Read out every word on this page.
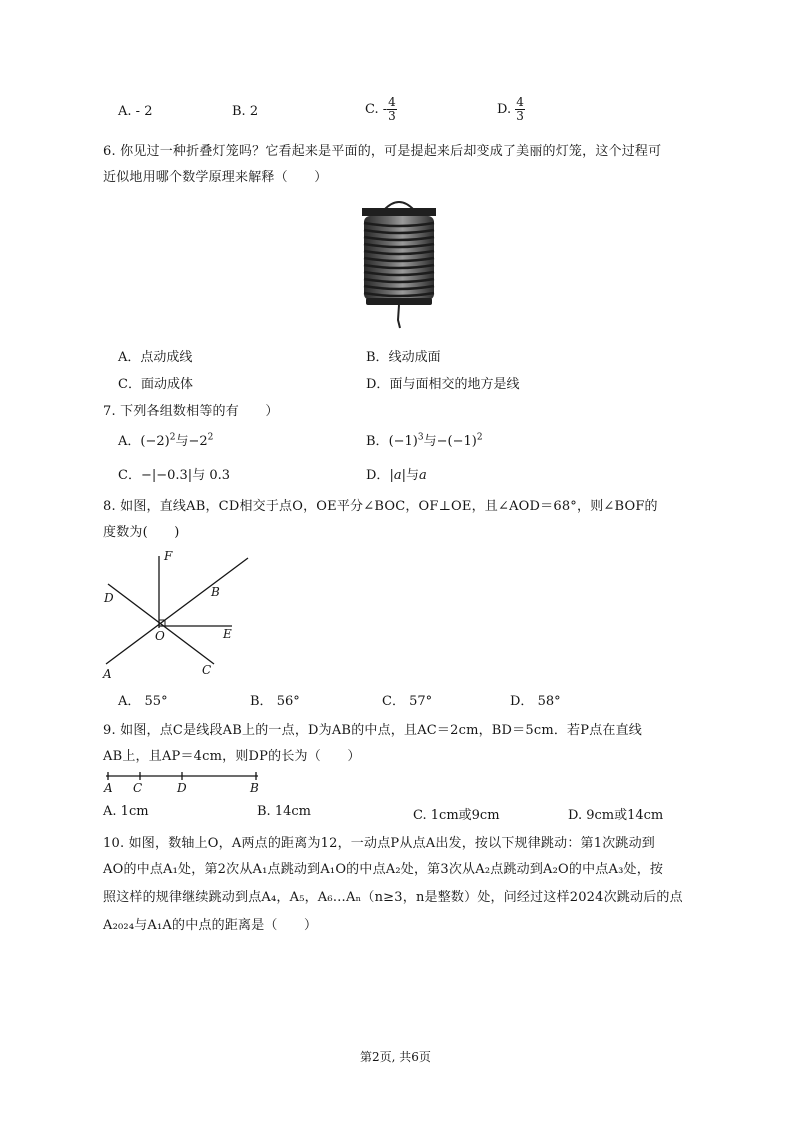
A. - 2	B. 2	C. - $\frac{4}{3}$	D. $\frac{4}{3}$
6. 你见过一种折叠灯笼吗？它看起来是平面的，可是提起来后却变成了美丽的灯笼，这个过程可
近似地用哪个数学原理来解释（　　）
A．点动成线	B．线动成面
C．面动成体	D．面与面相交的地方是线
7. 下列各组数相等的有　　）
A．$(-2)^2$与$-2^2$	B．$(-1)^3$与$-(-1)^2$
C．−|−0.3|与 0.3	D．|a|与a
8. 如图，直线AB，CD相交于点O，OE平分∠BOC，OF⊥OE，且∠AOD＝68°，则∠BOF的
度数为(　　)
F
D	B
O	E
A	C
A． 55°	B． 56°	C． 57°	D． 58°
9. 如图，点C是线段AB上的一点，D为AB的中点，且AC＝2cm，BD＝5cm．若P点在直线
AB上，且AP＝4cm，则DP的长为（　　）
A C	D	B
A. 1cm	B. 14cm	C. 1cm或9cm	D. 9cm或14cm
10. 如图，数轴上O，A两点的距离为12，一动点P从点A出发，按以下规律跳动：第1次跳动到
AO的中点A₁处，第2次从A₁点跳动到A₁O的中点A₂处，第3次从A₂点跳动到A₂O的中点A₃处，按
照这样的规律继续跳动到点A₄，A₅，A₆…Aₙ（n≥3，n是整数）处，问经过这样2024次跳动后的点
A₂₀₂₄与A₁A的中点的距离是（　　）
第2页, 共6页
